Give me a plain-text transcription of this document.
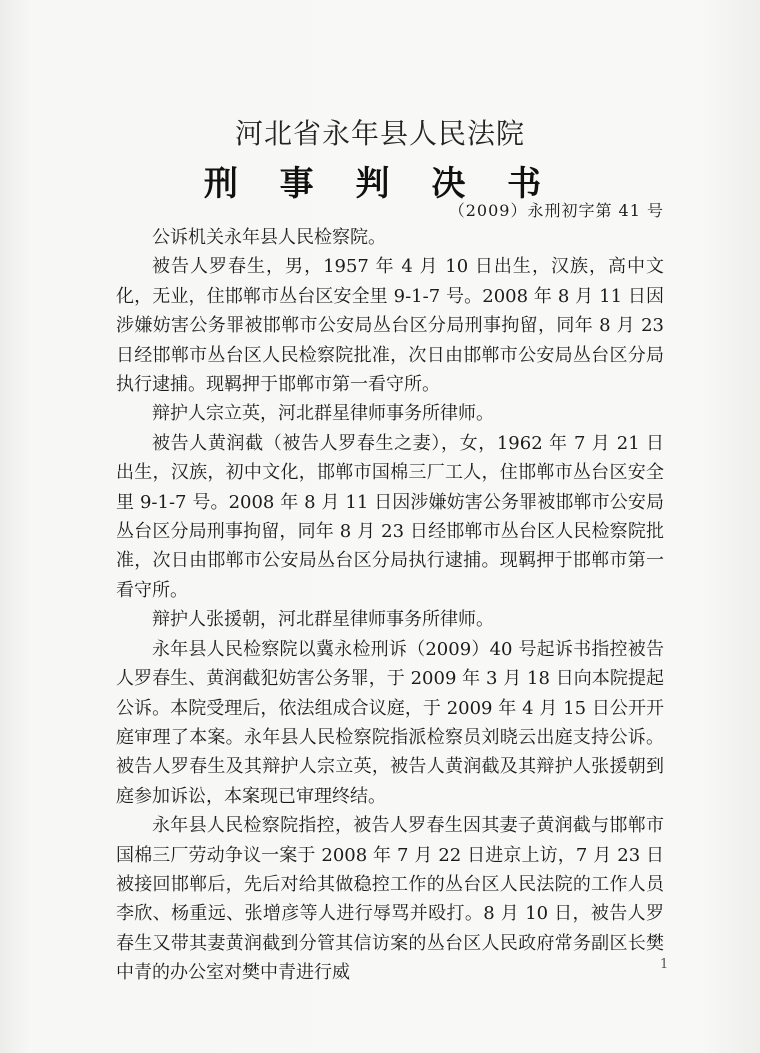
河北省永年县人民法院
刑 事 判 决 书
（2009）永刑初字第 41 号

公诉机关永年县人民检察院。

被告人罗春生，男，1957 年 4 月 10 日出生，汉族，高中文化，无业，住邯郸市丛台区安全里 9-1-7 号。2008 年 8 月 11 日因涉嫌妨害公务罪被邯郸市公安局丛台区分局刑事拘留，同年 8 月 23 日经邯郸市丛台区人民检察院批准，次日由邯郸市公安局丛台区分局执行逮捕。现羁押于邯郸市第一看守所。

辩护人宗立英，河北群星律师事务所律师。

被告人黄润截（被告人罗春生之妻），女，1962 年 7 月 21 日出生，汉族，初中文化，邯郸市国棉三厂工人，住邯郸市丛台区安全里 9-1-7 号。2008 年 8 月 11 日因涉嫌妨害公务罪被邯郸市公安局丛台区分局刑事拘留，同年 8 月 23 日经邯郸市丛台区人民检察院批准，次日由邯郸市公安局丛台区分局执行逮捕。现羁押于邯郸市第一看守所。

辩护人张援朝，河北群星律师事务所律师。

永年县人民检察院以冀永检刑诉（2009）40 号起诉书指控被告人罗春生、黄润截犯妨害公务罪，于 2009 年 3 月 18 日向本院提起公诉。本院受理后，依法组成合议庭，于 2009 年 4 月 15 日公开开庭审理了本案。永年县人民检察院指派检察员刘晓云出庭支持公诉。被告人罗春生及其辩护人宗立英，被告人黄润截及其辩护人张援朝到庭参加诉讼，本案现已审理终结。

永年县人民检察院指控，被告人罗春生因其妻子黄润截与邯郸市国棉三厂劳动争议一案于 2008 年 7 月 22 日进京上访，7 月 23 日被接回邯郸后，先后对给其做稳控工作的丛台区人民法院的工作人员李欣、杨重远、张增彦等人进行辱骂并殴打。8 月 10 日，被告人罗春生又带其妻黄润截到分管其信访案的丛台区人民政府常务副区长樊中青的办公室对樊中青进行威	1
